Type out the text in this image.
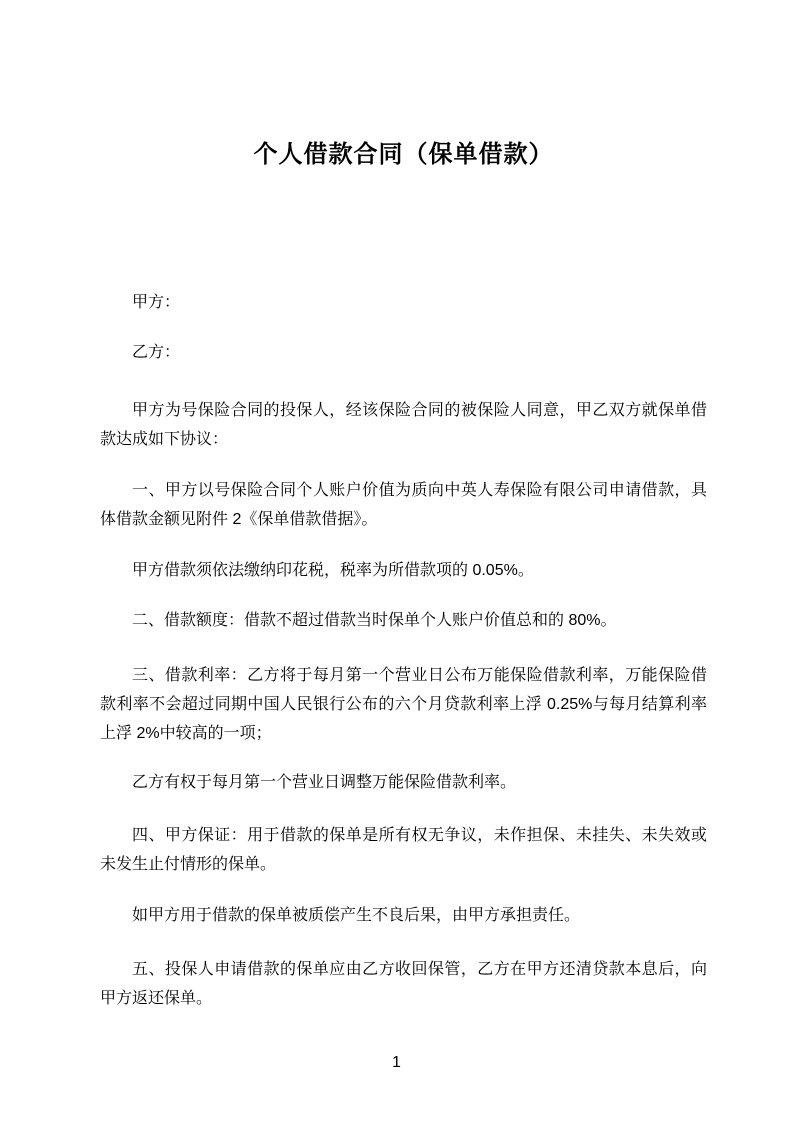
个人借款合同（保单借款）

甲方：

乙方：

甲方为号保险合同的投保人，经该保险合同的被保险人同意，甲乙双方就保单借款达成如下协议：

一、甲方以号保险合同个人账户价值为质向中英人寿保险有限公司申请借款，具体借款金额见附件 2《保单借款借据》。

甲方借款须依法缴纳印花税，税率为所借款项的 0.05%。

二、借款额度：借款不超过借款当时保单个人账户价值总和的 80%。

三、借款利率：乙方将于每月第一个营业日公布万能保险借款利率，万能保险借款利率不会超过同期中国人民银行公布的六个月贷款利率上浮 0.25%与每月结算利率上浮 2%中较高的一项；

乙方有权于每月第一个营业日调整万能保险借款利率。

四、甲方保证：用于借款的保单是所有权无争议，未作担保、未挂失、未失效或未发生止付情形的保单。

如甲方用于借款的保单被质偿产生不良后果，由甲方承担责任。

五、投保人申请借款的保单应由乙方收回保管，乙方在甲方还清贷款本息后，向甲方返还保单。

1
